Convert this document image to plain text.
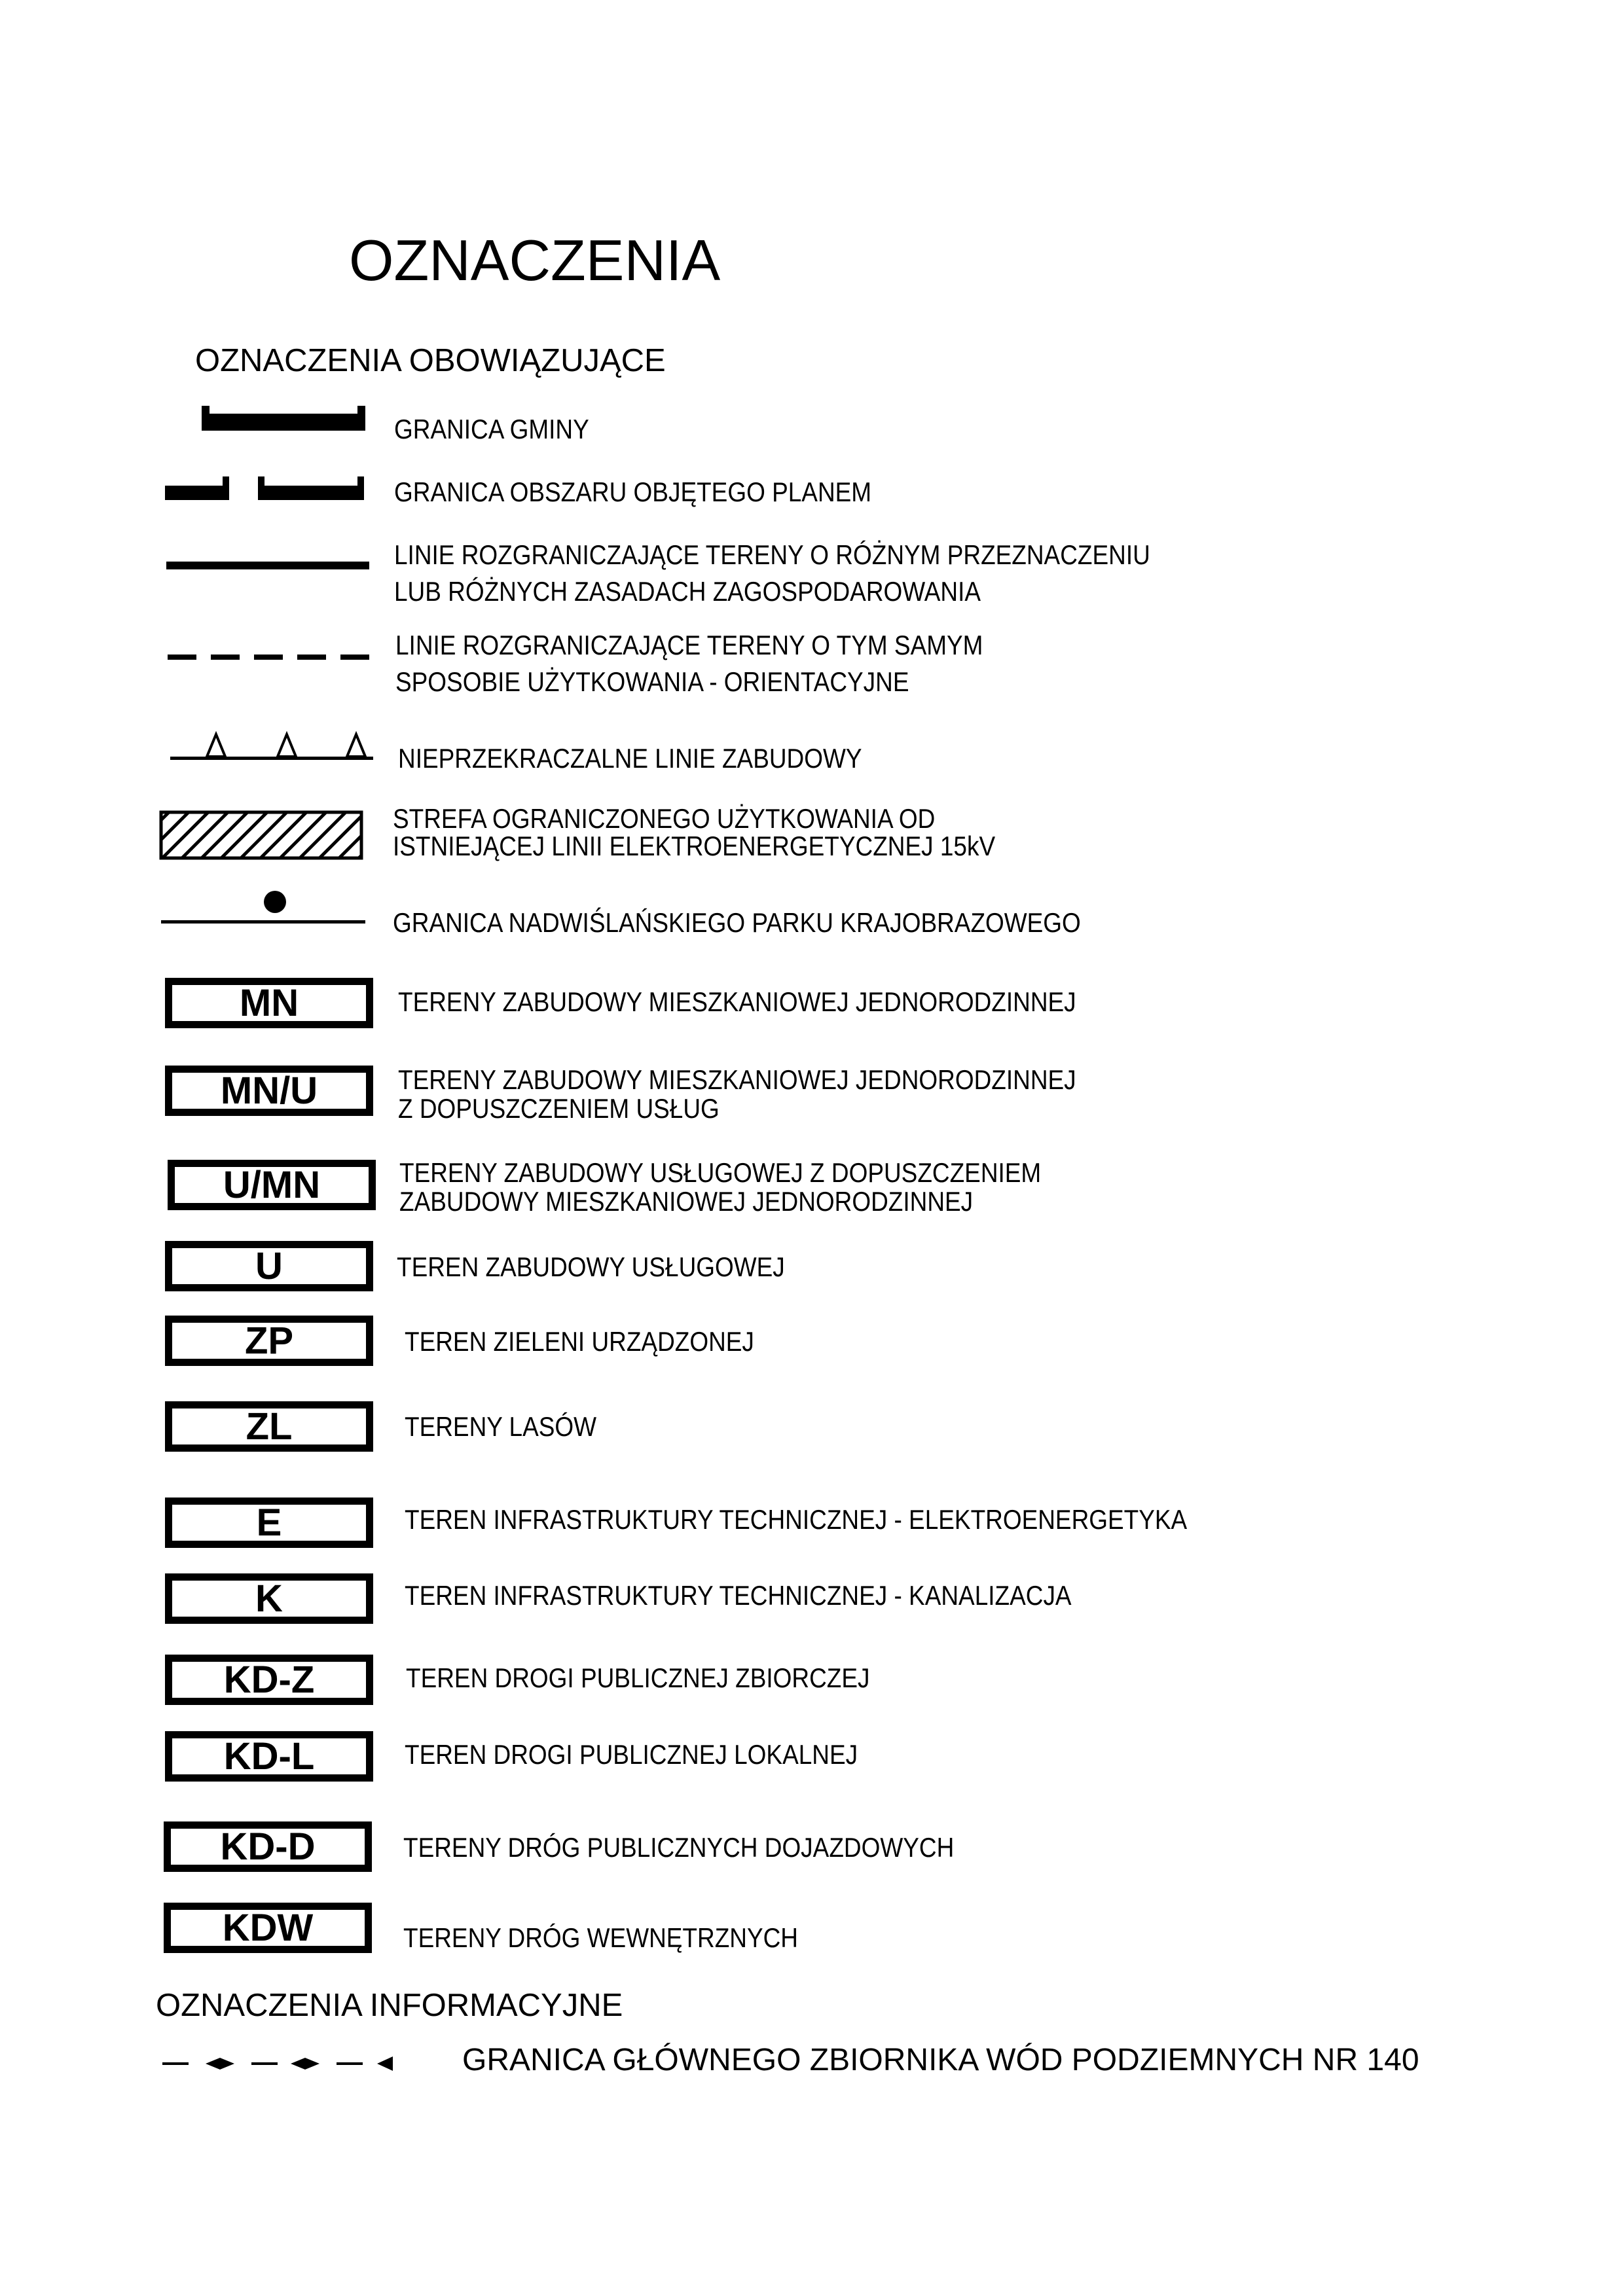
OZNACZENIA
OZNACZENIA OBOWIĄZUJĄCE
GRANICA GMINY
GRANICA OBSZARU OBJĘTEGO PLANEM
LINIE ROZGRANICZAJĄCE TERENY O RÓŻNYM PRZEZNACZENIU
LUB RÓŻNYCH ZASADACH ZAGOSPODAROWANIA
LINIE ROZGRANICZAJĄCE TERENY O TYM SAMYM
SPOSOBIE UŻYTKOWANIA - ORIENTACYJNE
NIEPRZEKRACZALNE LINIE ZABUDOWY
STREFA OGRANICZONEGO UŻYTKOWANIA OD
ISTNIEJĄCEJ LINII ELEKTROENERGETYCZNEJ 15kV
GRANICA NADWIŚLAŃSKIEGO PARKU KRAJOBRAZOWEGO
MN	TERENY ZABUDOWY MIESZKANIOWEJ JEDNORODZINNEJ
MN/U	TERENY ZABUDOWY MIESZKANIOWEJ JEDNORODZINNEJ
Z DOPUSZCZENIEM USŁUG
U/MN	TERENY ZABUDOWY USŁUGOWEJ Z DOPUSZCZENIEM
ZABUDOWY MIESZKANIOWEJ JEDNORODZINNEJ
U	TEREN ZABUDOWY USŁUGOWEJ
ZP	TEREN ZIELENI URZĄDZONEJ
ZL	TERENY LASÓW
E	TEREN INFRASTRUKTURY TECHNICZNEJ - ELEKTROENERGETYKA
K	TEREN INFRASTRUKTURY TECHNICZNEJ - KANALIZACJA
KD-Z	TEREN DROGI PUBLICZNEJ ZBIORCZEJ
KD-L	TEREN DROGI PUBLICZNEJ LOKALNEJ
KD-D	TERENY DRÓG PUBLICZNYCH DOJAZDOWYCH
KDW	TERENY DRÓG WEWNĘTRZNYCH
OZNACZENIA INFORMACYJNE
GRANICA GŁÓWNEGO ZBIORNIKA WÓD PODZIEMNYCH NR 140
